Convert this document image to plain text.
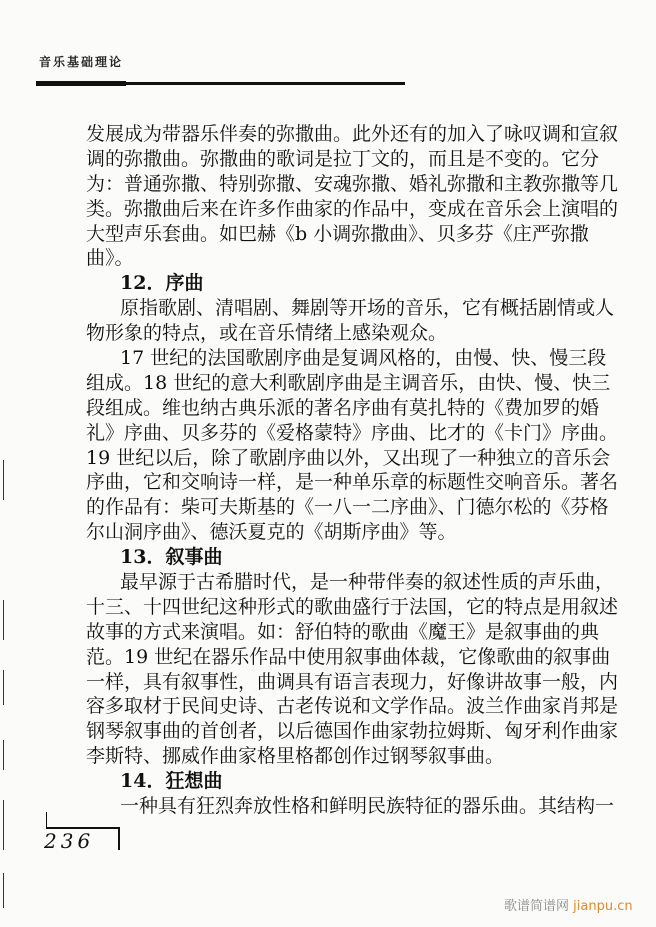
音乐基础理论
发展成为带器乐伴奏的弥撒曲。此外还有的加入了咏叹调和宣叙
调的弥撒曲。弥撒曲的歌词是拉丁文的，而且是不变的。它分
为：普通弥撒、特别弥撒、安魂弥撒、婚礼弥撒和主教弥撒等几
类。弥撒曲后来在许多作曲家的作品中，变成在音乐会上演唱的
大型声乐套曲。如巴赫《b 小调弥撒曲》、贝多芬《庄严弥撒
曲》。
12．序曲
原指歌剧、清唱剧、舞剧等开场的音乐，它有概括剧情或人
物形象的特点，或在音乐情绪上感染观众。
17 世纪的法国歌剧序曲是复调风格的，由慢、快、慢三段
组成。18 世纪的意大利歌剧序曲是主调音乐，由快、慢、快三
段组成。维也纳古典乐派的著名序曲有莫扎特的《费加罗的婚
礼》序曲、贝多芬的《爱格蒙特》序曲、比才的《卡门》序曲。
19 世纪以后，除了歌剧序曲以外，又出现了一种独立的音乐会
序曲，它和交响诗一样，是一种单乐章的标题性交响音乐。著名
的作品有：柴可夫斯基的《一八一二序曲》、门德尔松的《芬格
尔山洞序曲》、德沃夏克的《胡斯序曲》等。
13．叙事曲
最早源于古希腊时代，是一种带伴奏的叙述性质的声乐曲，
十三、十四世纪这种形式的歌曲盛行于法国，它的特点是用叙述
故事的方式来演唱。如：舒伯特的歌曲《魔王》是叙事曲的典
范。19 世纪在器乐作品中使用叙事曲体裁，它像歌曲的叙事曲
一样，具有叙事性，曲调具有语言表现力，好像讲故事一般，内
容多取材于民间史诗、古老传说和文学作品。波兰作曲家肖邦是
钢琴叙事曲的首创者，以后德国作曲家勃拉姆斯、匈牙利作曲家
李斯特、挪威作曲家格里格都创作过钢琴叙事曲。
14．狂想曲
一种具有狂烈奔放性格和鲜明民族特征的器乐曲。其结构一
236
歌谱简谱网 jianpu.cn
